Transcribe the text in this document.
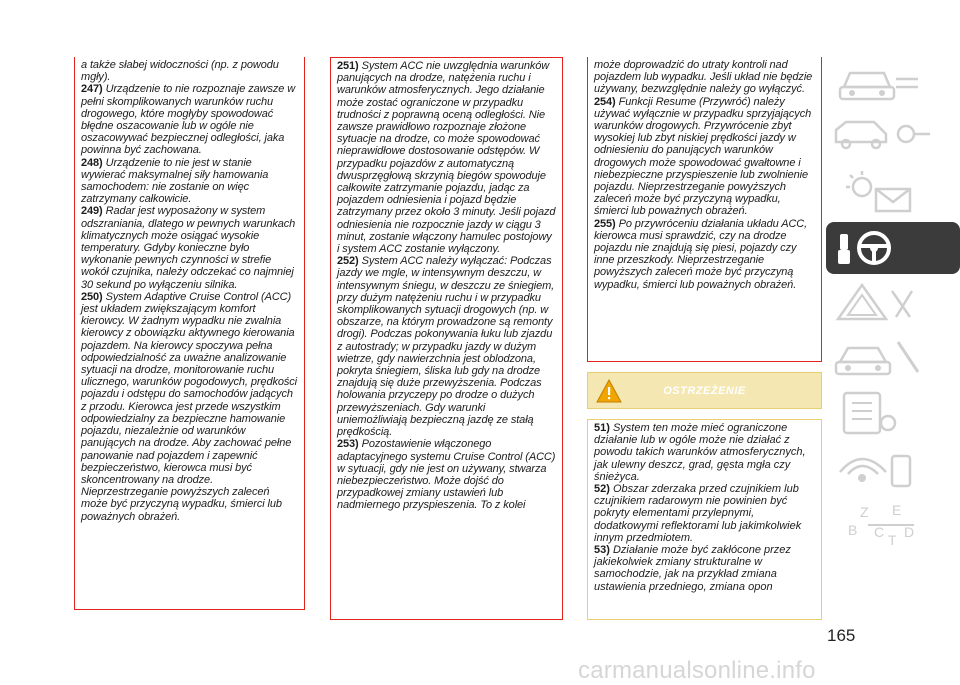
a także słabej widoczności (np. z powodu mgły).

247) Urządzenie to nie rozpoznaje zawsze w pełni skomplikowanych warunków ruchu drogowego, które mogłyby spowodować błędne oszacowanie lub w ogóle nie oszacowywać bezpiecznej odległości, jaka powinna być zachowana.

248) Urządzenie to nie jest w stanie wywierać maksymalnej siły hamowania samochodem: nie zostanie on więc zatrzymany całkowicie.

249) Radar jest wyposażony w system odszraniania, dlatego w pewnych warunkach klimatycznych może osiągać wysokie temperatury. Gdyby konieczne było wykonanie pewnych czynności w strefie wokół czujnika, należy odczekać co najmniej 30 sekund po wyłączeniu silnika.

250) System Adaptive Cruise Control (ACC) jest układem zwiększającym komfort kierowcy. W żadnym wypadku nie zwalnia kierowcy z obowiązku aktywnego kierowania pojazdem. Na kierowcy spoczywa pełna odpowiedzialność za uważne analizowanie sytuacji na drodze, monitorowanie ruchu ulicznego, warunków pogodowych, prędkości pojazdu i odstępu do samochodów jadących z przodu. Kierowca jest przede wszystkim odpowiedzialny za bezpieczne hamowanie pojazdu, niezależnie od warunków panujących na drodze. Aby zachować pełne panowanie nad pojazdem i zapewnić bezpieczeństwo, kierowca musi być skoncentrowany na drodze. Nieprzestrzeganie powyższych zaleceń może być przyczyną wypadku, śmierci lub poważnych obrażeń.

251) System ACC nie uwzględnia warunków panujących na drodze, natężenia ruchu i warunków atmosferycznych. Jego działanie może zostać ograniczone w przypadku trudności z poprawną oceną odległości. Nie zawsze prawidłowo rozpoznaje złożone sytuacje na drodze, co może spowodować nieprawidłowe dostosowanie odstępów. W przypadku pojazdów z automatyczną dwusprzęgłową skrzynią biegów spowoduje całkowite zatrzymanie pojazdu, jadąc za pojazdem odniesienia i pojazd będzie zatrzymany przez około 3 minuty. Jeśli pojazd odniesienia nie rozpocznie jazdy w ciągu 3 minut, zostanie włączony hamulec postojowy i system ACC zostanie wyłączony.

252) System ACC należy wyłączać: Podczas jazdy we mgle, w intensywnym deszczu, w intensywnym śniegu, w deszczu ze śniegiem, przy dużym natężeniu ruchu i w przypadku skomplikowanych sytuacji drogowych (np. w obszarze, na którym prowadzone są remonty drogi). Podczas pokonywania łuku lub zjazdu z autostrady; w przypadku jazdy w dużym wietrze, gdy nawierzchnia jest oblodzona, pokryta śniegiem, śliska lub gdy na drodze znajdują się duże przewyższenia. Podczas holowania przyczepy po drodze o dużych przewyższeniach. Gdy warunki uniemożliwiają bezpieczną jazdę ze stałą prędkością.

253) Pozostawienie włączonego adaptacyjnego systemu Cruise Control (ACC) w sytuacji, gdy nie jest on używany, stwarza niebezpieczeństwo. Może dojść do przypadkowej zmiany ustawień lub nadmiernego przyspieszenia. To z kolei

może doprowadzić do utraty kontroli nad pojazdem lub wypadku. Jeśli układ nie będzie używany, bezwzględnie należy go wyłączyć.

254) Funkcji Resume (Przywróć) należy używać wyłącznie w przypadku sprzyjających warunków drogowych. Przywrócenie zbyt wysokiej lub zbyt niskiej prędkości jazdy w odniesieniu do panujących warunków drogowych może spowodować gwałtowne i niebezpieczne przyspieszenie lub zwolnienie pojazdu. Nieprzestrzeganie powyższych zaleceń może być przyczyną wypadku, śmierci lub poważnych obrażeń.

255) Po przywróceniu działania układu ACC, kierowca musi sprawdzić, czy na drodze pojazdu nie znajdują się piesi, pojazdy czy inne przeszkody. Nieprzestrzeganie powyższych zaleceń może być przyczyną wypadku, śmierci lub poważnych obrażeń.

OSTRZEŻENIE

51) System ten może mieć ograniczone działanie lub w ogóle może nie działać z powodu takich warunków atmosferycznych, jak ulewny deszcz, grad, gęsta mgła czy śnieżyca.

52) Obszar zderzaka przed czujnikiem lub czujnikiem radarowym nie powinien być pokryty elementami przylepnymi, dodatkowymi reflektorami lub jakimkolwiek innym przedmiotem.

53) Działanie może być zakłócone przez jakiekolwiek zmiany strukturalne w samochodzie, jak na przykład zmiana ustawienia przedniego, zmiana opon

165
carmanualsonline.info
Z E
B C T D
